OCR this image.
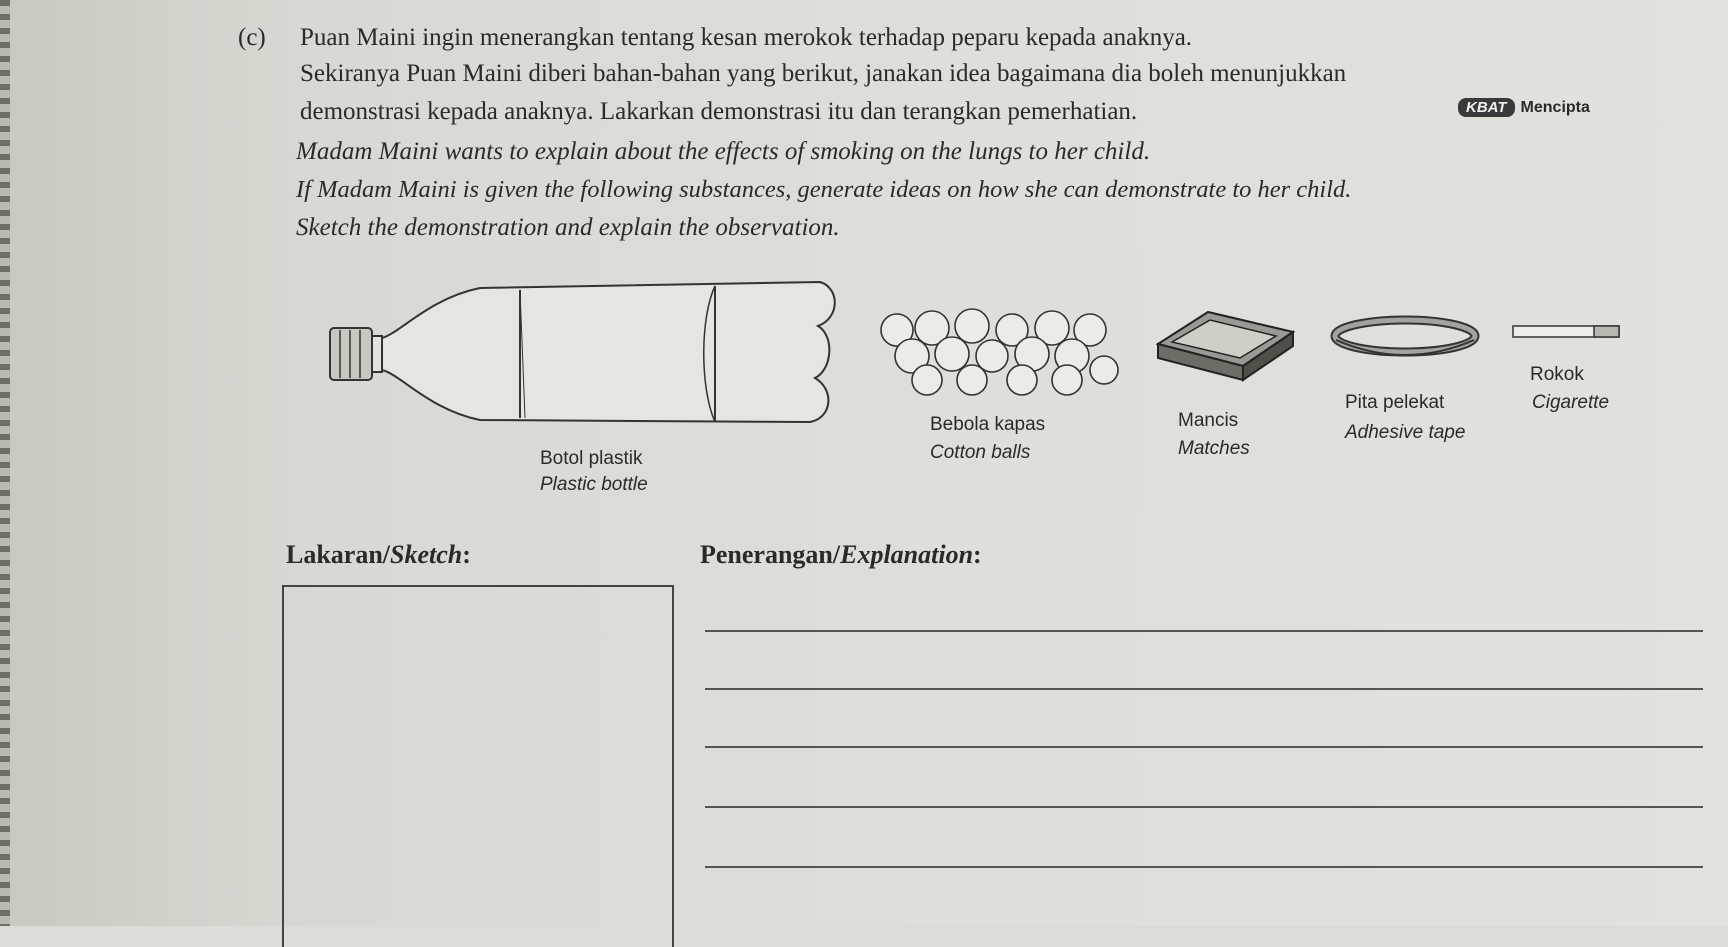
(c) Puan Maini ingin menerangkan tentang kesan merokok terhadap peparu kepada anaknya.
Sekiranya Puan Maini diberi bahan-bahan yang berikut, janakan idea bagaimana dia boleh menunjukkan
demonstrasi kepada anaknya. Lakarkan demonstrasi itu dan terangkan pemerhatian.
Madam Maini wants to explain about the effects of smoking on the lungs to her child.
If Madam Maini is given the following substances, generate ideas on how she can demonstrate to her child.
Sketch the demonstration and explain the observation.
KBAT Mencipta
Botol plastik
Plastic bottle
Bebola kapas
Cotton balls
Mancis
Matches
Pita pelekat
Adhesive tape
Rokok
Cigarette
Lakaran/Sketch:	Penerangan/Explanation:
